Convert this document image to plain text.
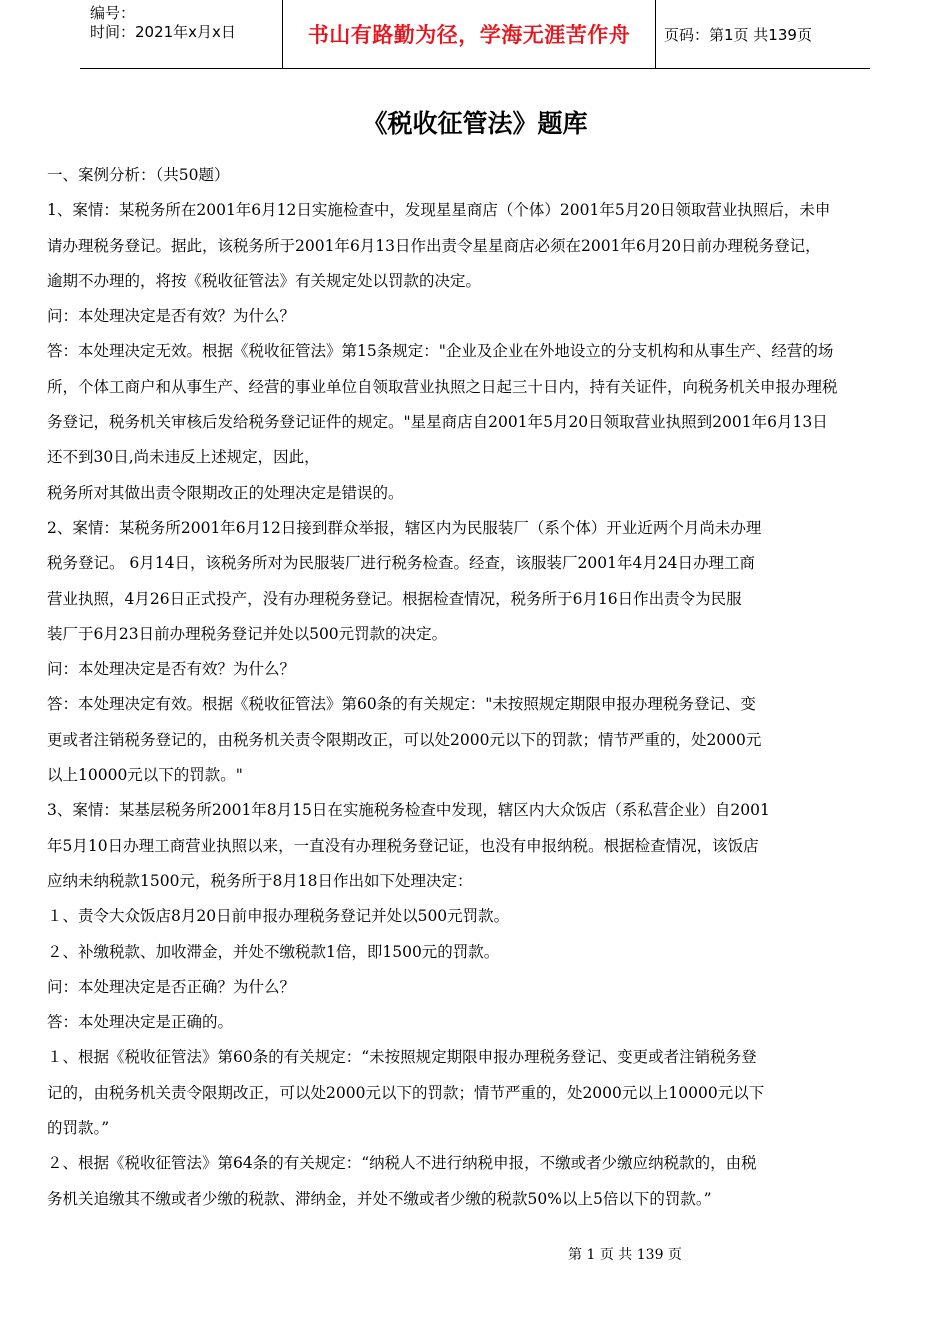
编号：
时间：2021年x月x日	书山有路勤为径，学海无涯苦作舟	页码：第1页 共139页
《税收征管法》题库

一、案例分析：（共50题）

1、案情：某税务所在2001年6月12日实施检查中，发现星星商店（个体）2001年5月20日领取营业执照后，未申

请办理税务登记。据此，该税务所于2001年6月13日作出责令星星商店必须在2001年6月20日前办理税务登记，

逾期不办理的，将按《税收征管法》有关规定处以罚款的决定。

问：本处理决定是否有效？为什么？

答：本处理决定无效。根据《税收征管法》第15条规定："企业及企业在外地设立的分支机构和从事生产、经营的场

所，个体工商户和从事生产、经营的事业单位自领取营业执照之日起三十日内，持有关证件，向税务机关申报办理税

务登记，税务机关审核后发给税务登记证件的规定。"星星商店自2001年5月20日领取营业执照到2001年6月13日

还不到30日,尚未违反上述规定，因此，

税务所对其做出责令限期改正的处理决定是错误的。

2、案情：某税务所2001年6月12日接到群众举报，辖区内为民服装厂（系个体）开业近两个月尚未办理

税务登记。 6月14日，该税务所对为民服装厂进行税务检查。经查，该服装厂2001年4月24日办理工商

营业执照，4月26日正式投产，没有办理税务登记。根据检查情况，税务所于6月16日作出责令为民服

装厂于6月23日前办理税务登记并处以500元罚款的决定。

问：本处理决定是否有效？为什么？

答：本处理决定有效。根据《税收征管法》第60条的有关规定："未按照规定期限申报办理税务登记、变

更或者注销税务登记的，由税务机关责令限期改正，可以处2000元以下的罚款；情节严重的，处2000元

以上10000元以下的罚款。"

3、案情：某基层税务所2001年8月15日在实施税务检查中发现，辖区内大众饭店（系私营企业）自2001

年5月10日办理工商营业执照以来，一直没有办理税务登记证，也没有申报纳税。根据检查情况，该饭店

应纳未纳税款1500元，税务所于8月18日作出如下处理决定：

１、责令大众饭店8月20日前申报办理税务登记并处以500元罚款。

２、补缴税款、加收滞金，并处不缴税款1倍，即1500元的罚款。

问：本处理决定是否正确？为什么？

答：本处理决定是正确的。

１、根据《税收征管法》第60条的有关规定：“未按照规定期限申报办理税务登记、变更或者注销税务登

记的，由税务机关责令限期改正，可以处2000元以下的罚款；情节严重的，处2000元以上10000元以下

的罚款。”

２、根据《税收征管法》第64条的有关规定：“纳税人不进行纳税申报，不缴或者少缴应纳税款的，由税

务机关追缴其不缴或者少缴的税款、滞纳金，并处不缴或者少缴的税款50%以上5倍以下的罚款。”

第 1 页 共 139 页
